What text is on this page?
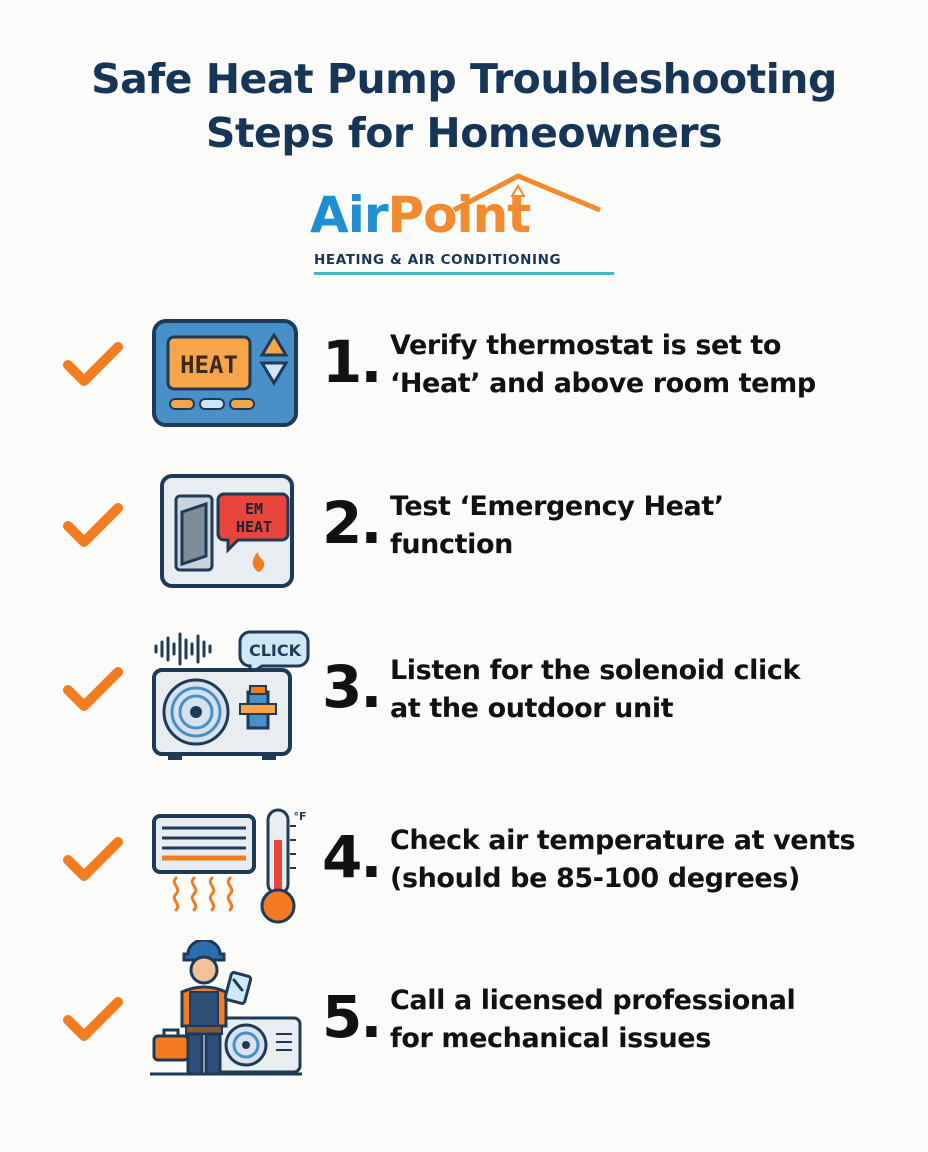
Safe Heat Pump Troubleshooting
Steps for Homeowners
AirPoint
HEATING & AIR CONDITIONING
HEAT 1. Verify thermostat is set to
‘Heat’ and above room temp
EM
HEAT 2. Test ‘Emergency Heat’
function
CLICK
3. Listen for the solenoid click
at the outdoor unit
°F
4. Check air temperature at vents
(should be 85-100 degrees)
5. Call a licensed professional
for mechanical issues
